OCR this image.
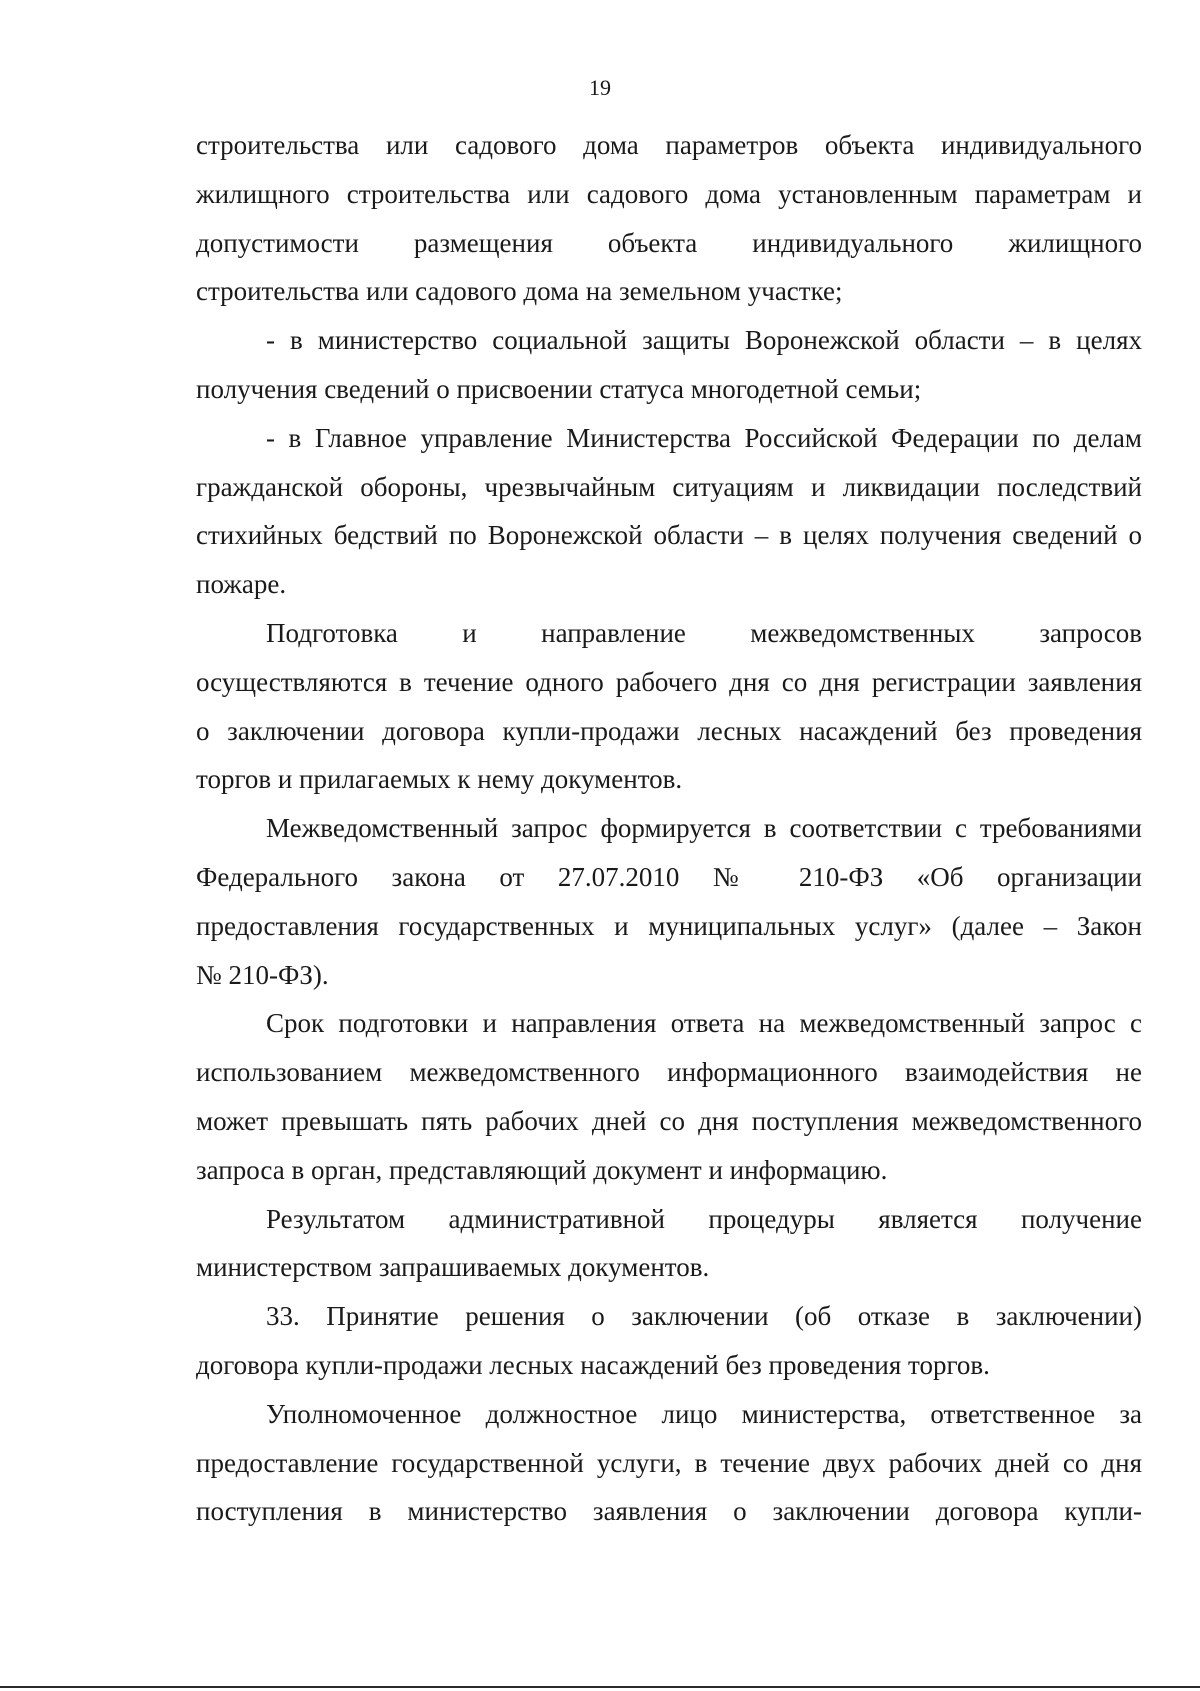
19
строительства или садового дома параметров объекта индивидуального
жилищного строительства или садового дома установленным параметрам и
допустимости размещения объекта индивидуального жилищного
строительства или садового дома на земельном участке;
- в министерство социальной защиты Воронежской области – в целях
получения сведений о присвоении статуса многодетной семьи;
- в Главное управление Министерства Российской Федерации по делам
гражданской обороны, чрезвычайным ситуациям и ликвидации последствий
стихийных бедствий по Воронежской области – в целях получения сведений о
пожаре.
Подготовка и направление межведомственных запросов
осуществляются в течение одного рабочего дня со дня регистрации заявления
о заключении договора купли-продажи лесных насаждений без проведения
торгов и прилагаемых к нему документов.
Межведомственный запрос формируется в соответствии с требованиями
Федерального закона от 27.07.2010 № 210-ФЗ «Об организации
предоставления государственных и муниципальных услуг» (далее – Закон
№ 210-ФЗ).
Срок подготовки и направления ответа на межведомственный запрос с
использованием межведомственного информационного взаимодействия не
может превышать пять рабочих дней со дня поступления межведомственного
запроса в орган, представляющий документ и информацию.
Результатом административной процедуры является получение
министерством запрашиваемых документов.
33. Принятие решения о заключении (об отказе в заключении)
договора купли-продажи лесных насаждений без проведения торгов.
Уполномоченное должностное лицо министерства, ответственное за
предоставление государственной услуги, в течение двух рабочих дней со дня
поступления в министерство заявления о заключении договора купли-
